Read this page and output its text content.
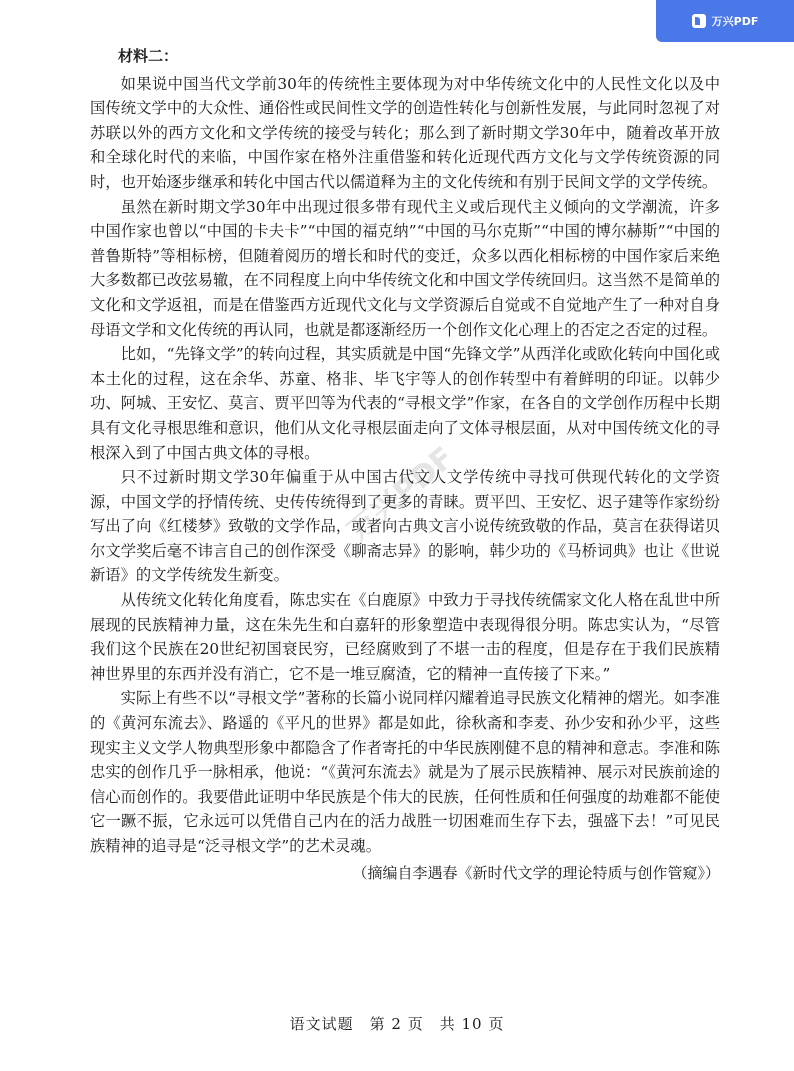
万兴PDF
万兴PDF
材料二：

如果说中国当代文学前30年的传统性主要体现为对中华传统文化中的人民性文化以及中国传统文学中的大众性、通俗性或民间性文学的创造性转化与创新性发展，与此同时忽视了对苏联以外的西方文化和文学传统的接受与转化；那么到了新时期文学30年中，随着改革开放和全球化时代的来临，中国作家在格外注重借鉴和转化近现代西方文化与文学传统资源的同时，也开始逐步继承和转化中国古代以儒道释为主的文化传统和有别于民间文学的文学传统。

虽然在新时期文学30年中出现过很多带有现代主义或后现代主义倾向的文学潮流，许多中国作家也曾以“中国的卡夫卡”“中国的福克纳”“中国的马尔克斯”“中国的博尔赫斯”“中国的普鲁斯特”等相标榜，但随着阅历的增长和时代的变迁，众多以西化相标榜的中国作家后来绝大多数都已改弦易辙，在不同程度上向中华传统文化和中国文学传统回归。这当然不是简单的文化和文学返祖，而是在借鉴西方近现代文化与文学资源后自觉或不自觉地产生了一种对自身母语文学和文化传统的再认同，也就是都逐渐经历一个创作文化心理上的否定之否定的过程。

比如，“先锋文学”的转向过程，其实质就是中国“先锋文学”从西洋化或欧化转向中国化或本土化的过程，这在余华、苏童、格非、毕飞宇等人的创作转型中有着鲜明的印证。以韩少功、阿城、王安忆、莫言、贾平凹等为代表的“寻根文学”作家，在各自的文学创作历程中长期具有文化寻根思维和意识，他们从文化寻根层面走向了文体寻根层面，从对中国传统文化的寻根深入到了中国古典文体的寻根。

只不过新时期文学30年偏重于从中国古代文人文学传统中寻找可供现代转化的文学资源，中国文学的抒情传统、史传传统得到了更多的青睐。贾平凹、王安忆、迟子建等作家纷纷写出了向《红楼梦》致敬的文学作品，或者向古典文言小说传统致敬的作品，莫言在获得诺贝尔文学奖后毫不讳言自己的创作深受《聊斋志异》的影响，韩少功的《马桥词典》也让《世说新语》的文学传统发生新变。

从传统文化转化角度看，陈忠实在《白鹿原》中致力于寻找传统儒家文化人格在乱世中所展现的民族精神力量，这在朱先生和白嘉轩的形象塑造中表现得很分明。陈忠实认为，“尽管我们这个民族在20世纪初国衰民穷，已经腐败到了不堪一击的程度，但是存在于我们民族精神世界里的东西并没有消亡，它不是一堆豆腐渣，它的精神一直传接了下来。”

实际上有些不以“寻根文学”著称的长篇小说同样闪耀着追寻民族文化精神的熠光。如李准的《黄河东流去》、路遥的《平凡的世界》都是如此，徐秋斋和李麦、孙少安和孙少平，这些现实主义文学人物典型形象中都隐含了作者寄托的中华民族刚健不息的精神和意志。李准和陈忠实的创作几乎一脉相承，他说：“《黄河东流去》就是为了展示民族精神、展示对民族前途的信心而创作的。我要借此证明中华民族是个伟大的民族，任何性质和任何强度的劫难都不能使它一蹶不振，它永远可以凭借自己内在的活力战胜一切困难而生存下去，强盛下去！”可见民族精神的追寻是“泛寻根文学”的艺术灵魂。

（摘编自李遇春《新时代文学的理论特质与创作管窥》）
语文试题　第 2 页　共 10 页
